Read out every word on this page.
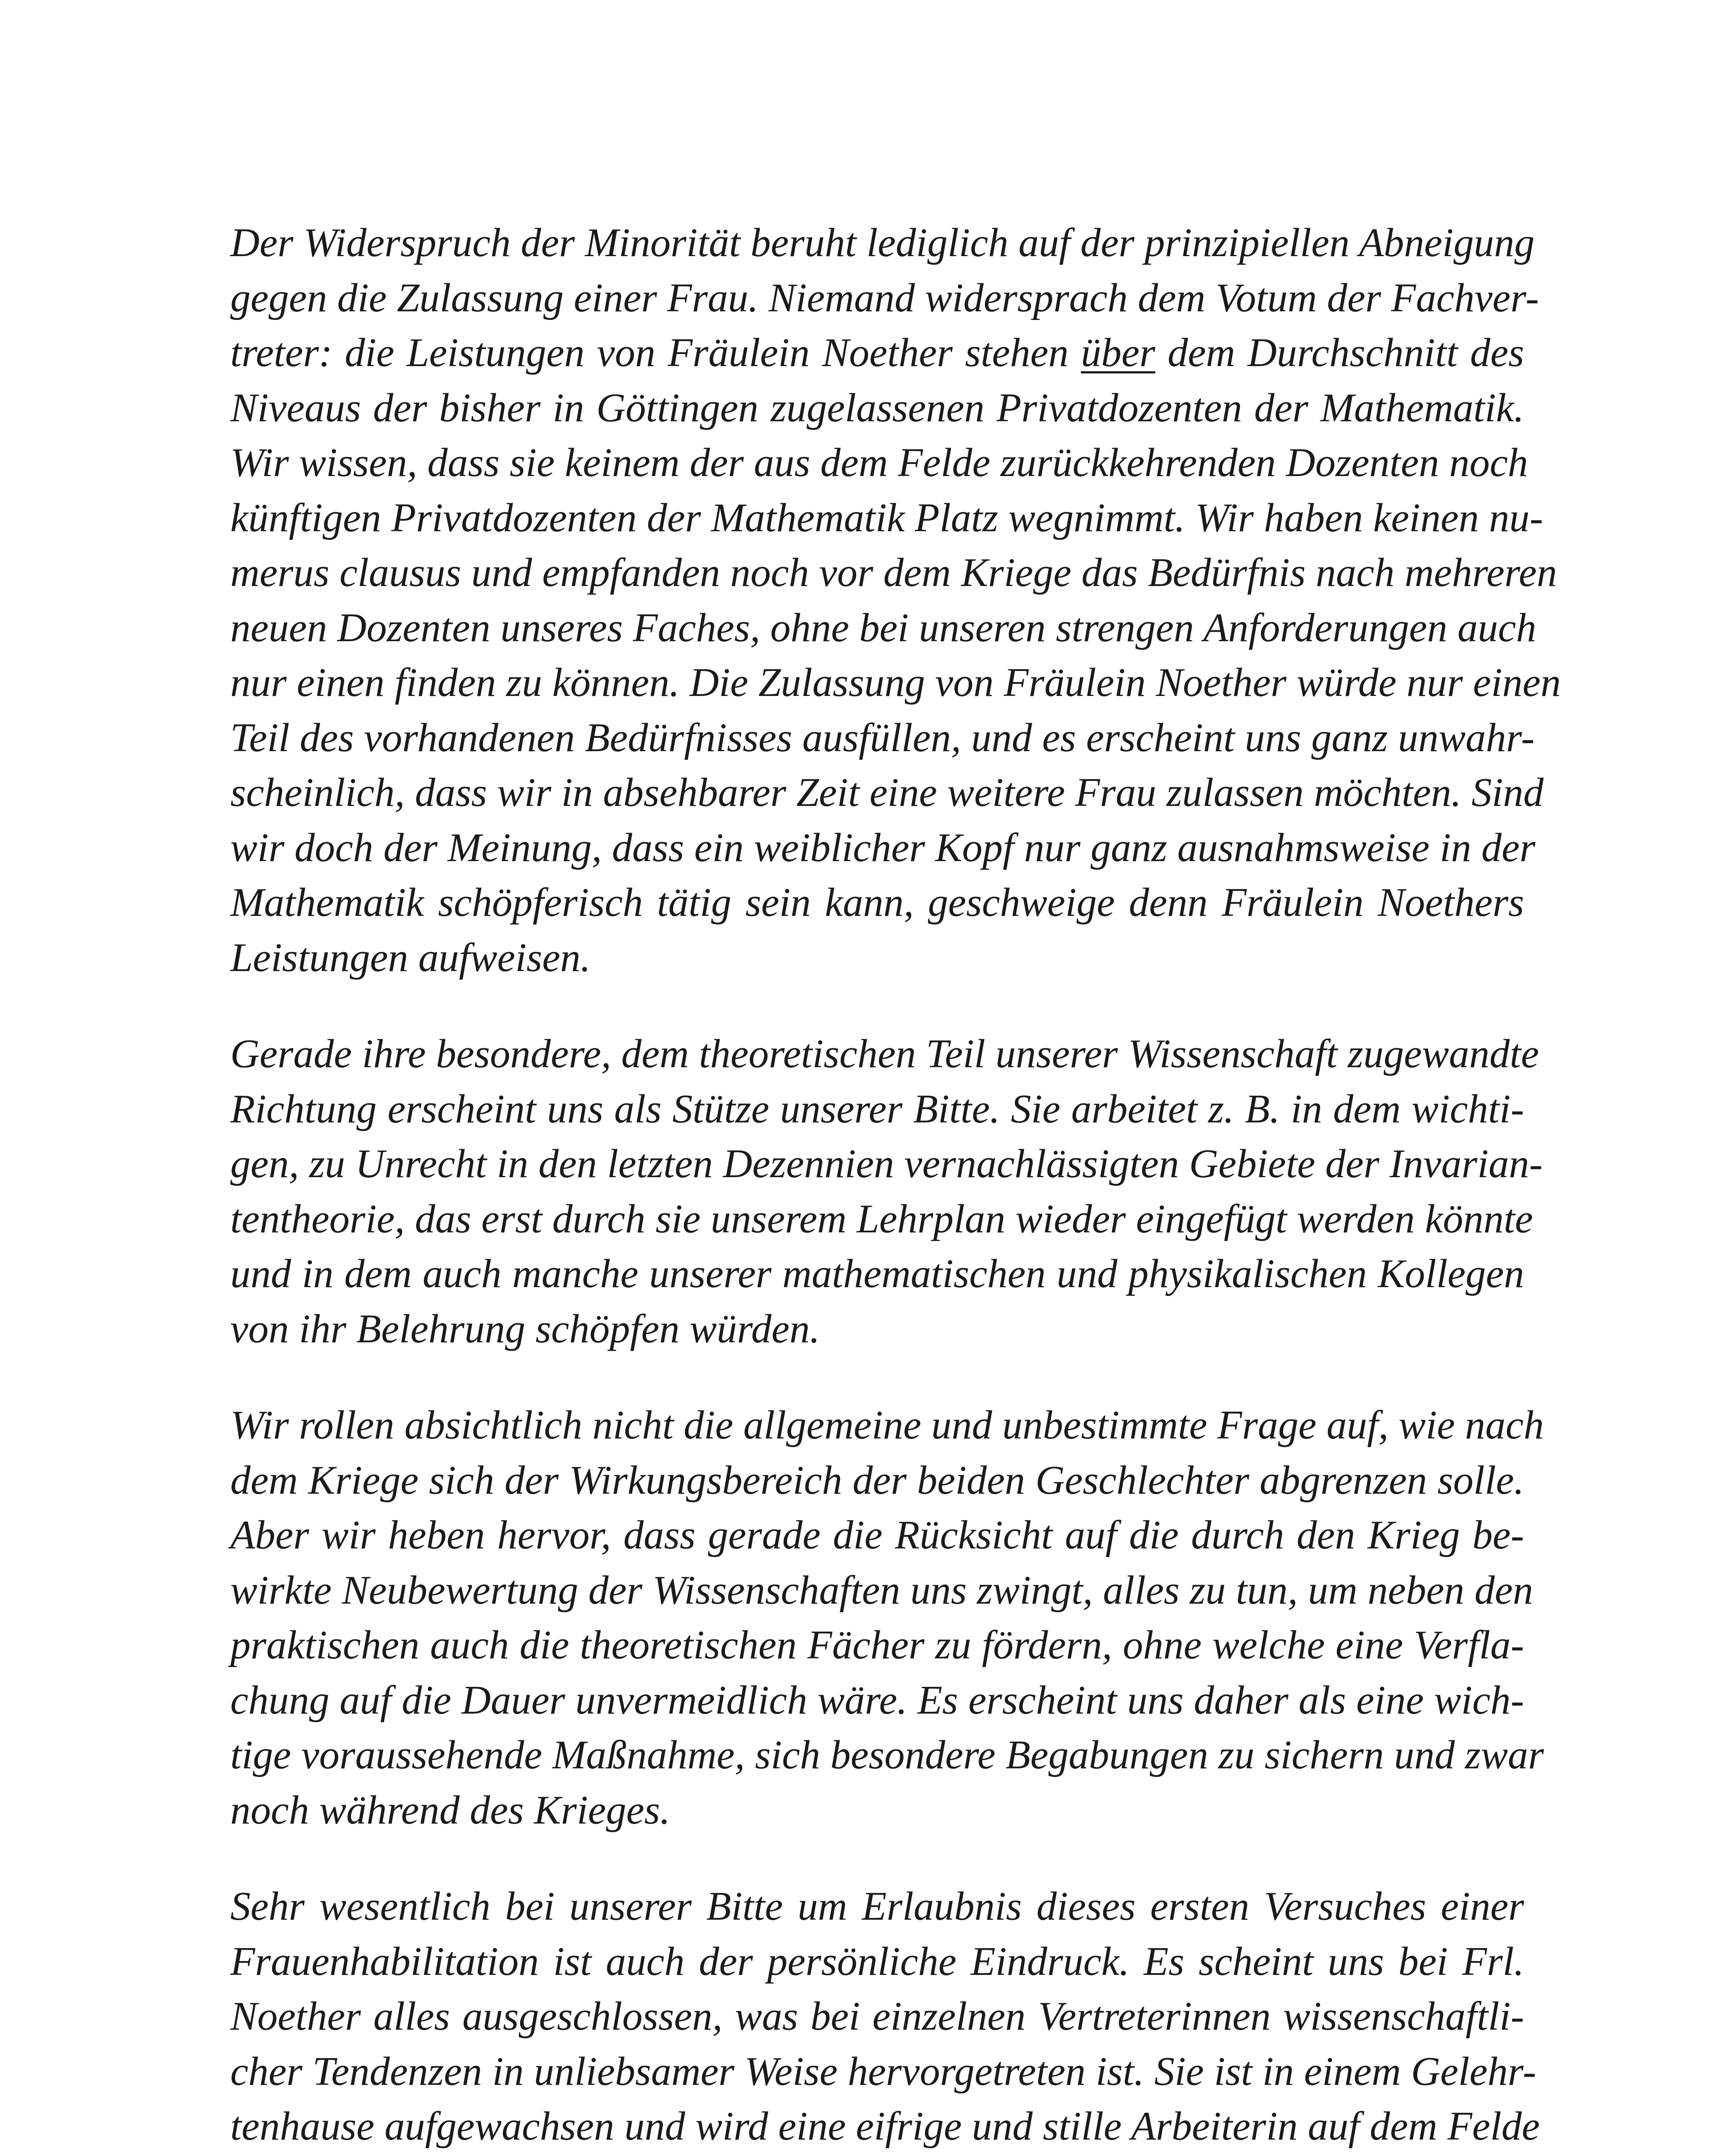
Der Widerspruch der Minorität beruht lediglich auf der prinzipiellen Abneigung
gegen die Zulassung einer Frau. Niemand widersprach dem Votum der Fachver-
treter: die Leistungen von Fräulein Noether stehen über dem Durchschnitt des
Niveaus der bisher in Göttingen zugelassenen Privatdozenten der Mathematik.
Wir wissen, dass sie keinem der aus dem Felde zurückkehrenden Dozenten noch
künftigen Privatdozenten der Mathematik Platz wegnimmt. Wir haben keinen nu-
merus clausus und empfanden noch vor dem Kriege das Bedürfnis nach mehreren
neuen Dozenten unseres Faches, ohne bei unseren strengen Anforderungen auch
nur einen finden zu können. Die Zulassung von Fräulein Noether würde nur einen
Teil des vorhandenen Bedürfnisses ausfüllen, und es erscheint uns ganz unwahr-
scheinlich, dass wir in absehbarer Zeit eine weitere Frau zulassen möchten. Sind
wir doch der Meinung, dass ein weiblicher Kopf nur ganz ausnahmsweise in der
Mathematik schöpferisch tätig sein kann, geschweige denn Fräulein Noethers
Leistungen aufweisen.
Gerade ihre besondere, dem theoretischen Teil unserer Wissenschaft zugewandte
Richtung erscheint uns als Stütze unserer Bitte. Sie arbeitet z. B. in dem wichti-
gen, zu Unrecht in den letzten Dezennien vernachlässigten Gebiete der Invarian-
tentheorie, das erst durch sie unserem Lehrplan wieder eingefügt werden könnte
und in dem auch manche unserer mathematischen und physikalischen Kollegen
von ihr Belehrung schöpfen würden.
Wir rollen absichtlich nicht die allgemeine und unbestimmte Frage auf, wie nach
dem Kriege sich der Wirkungsbereich der beiden Geschlechter abgrenzen solle.
Aber wir heben hervor, dass gerade die Rücksicht auf die durch den Krieg be-
wirkte Neubewertung der Wissenschaften uns zwingt, alles zu tun, um neben den
praktischen auch die theoretischen Fächer zu fördern, ohne welche eine Verfla-
chung auf die Dauer unvermeidlich wäre. Es erscheint uns daher als eine wich-
tige voraussehende Maßnahme, sich besondere Begabungen zu sichern und zwar
noch während des Krieges.
Sehr wesentlich bei unserer Bitte um Erlaubnis dieses ersten Versuches einer
Frauenhabilitation ist auch der persönliche Eindruck. Es scheint uns bei Frl.
Noether alles ausgeschlossen, was bei einzelnen Vertreterinnen wissenschaftli-
cher Tendenzen in unliebsamer Weise hervorgetreten ist. Sie ist in einem Gelehr-
tenhause aufgewachsen und wird eine eifrige und stille Arbeiterin auf dem Felde
